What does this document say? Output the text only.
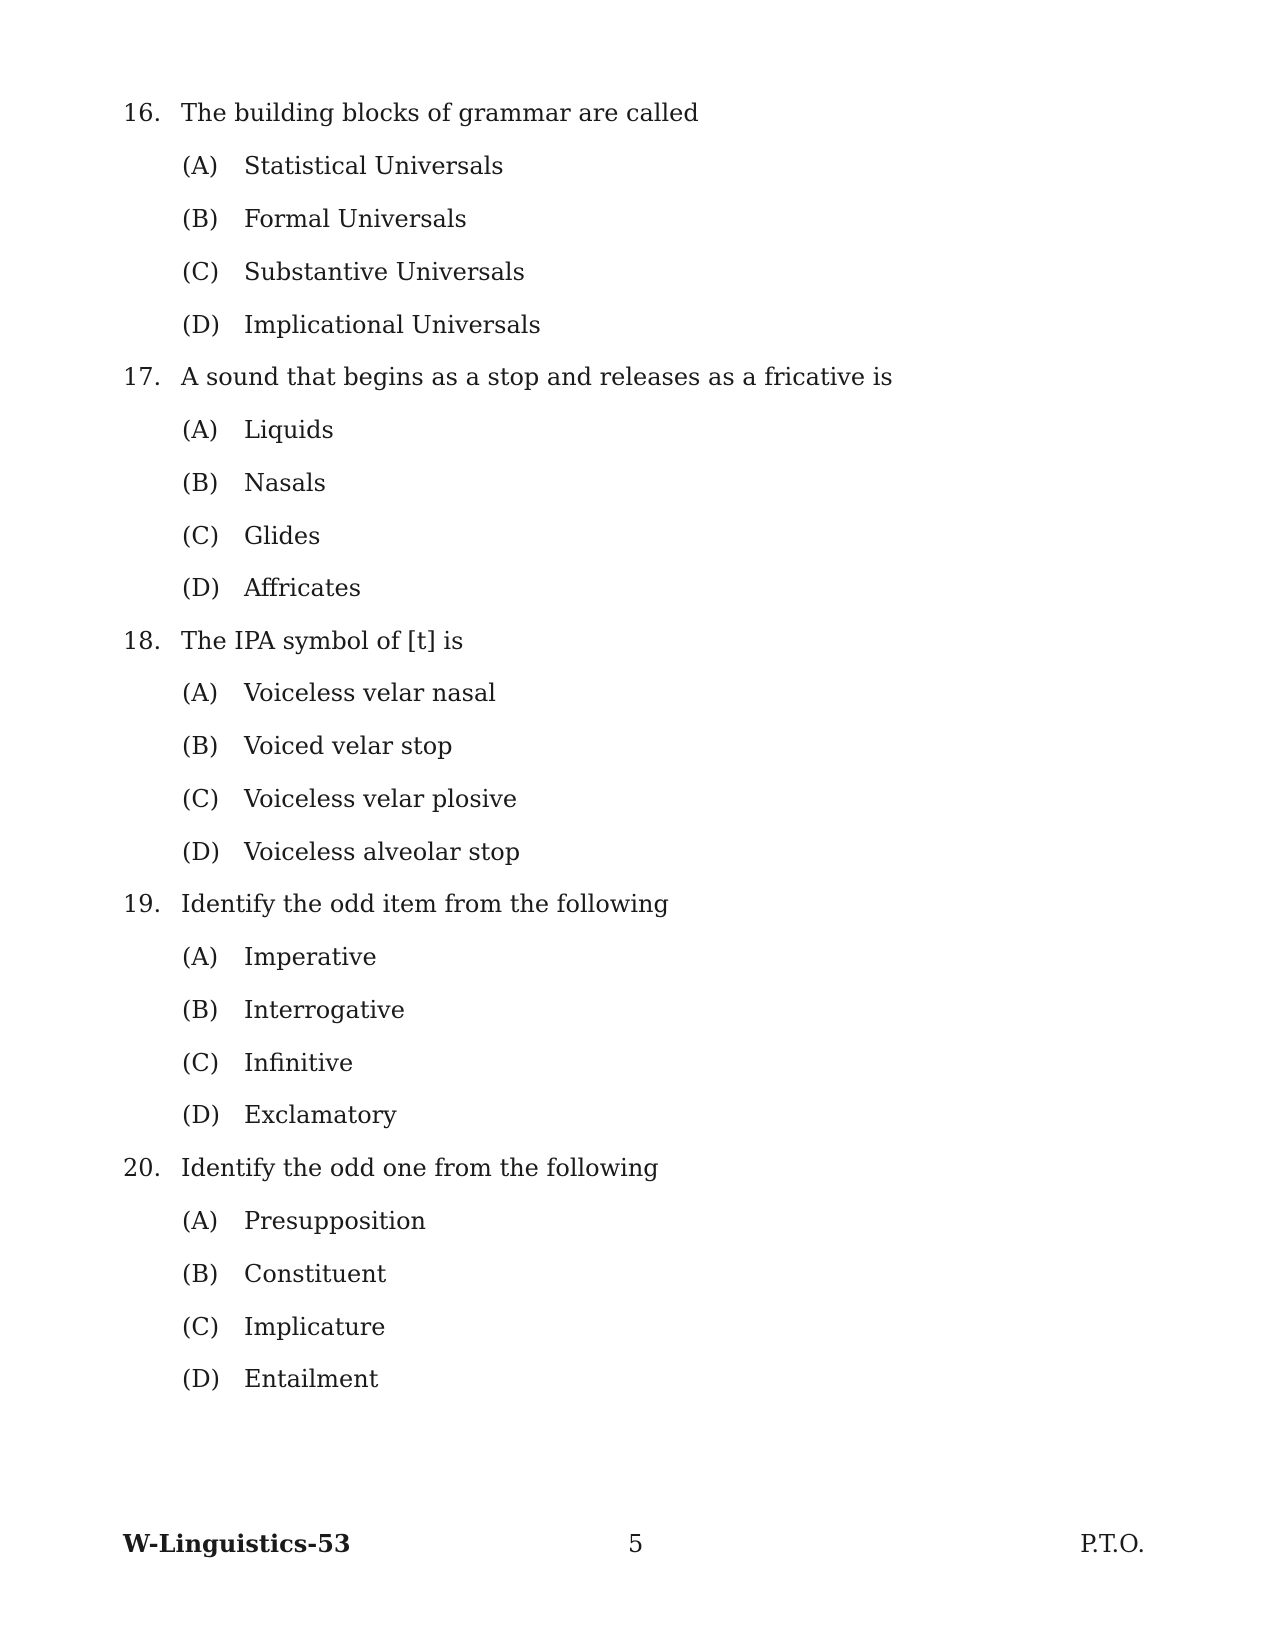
16. The building blocks of grammar are called
(A) Statistical Universals
(B) Formal Universals
(C) Substantive Universals
(D) Implicational Universals
17. A sound that begins as a stop and releases as a fricative is
(A) Liquids
(B) Nasals
(C) Glides
(D) Affricates
18. The IPA symbol of [t] is
(A) Voiceless velar nasal
(B) Voiced velar stop
(C) Voiceless velar plosive
(D) Voiceless alveolar stop
19. Identify the odd item from the following
(A) Imperative
(B) Interrogative
(C) Infinitive
(D) Exclamatory
20. Identify the odd one from the following
(A) Presupposition
(B) Constituent
(C) Implicature
(D) Entailment
W-Linguistics-53	5	P.T.O.
